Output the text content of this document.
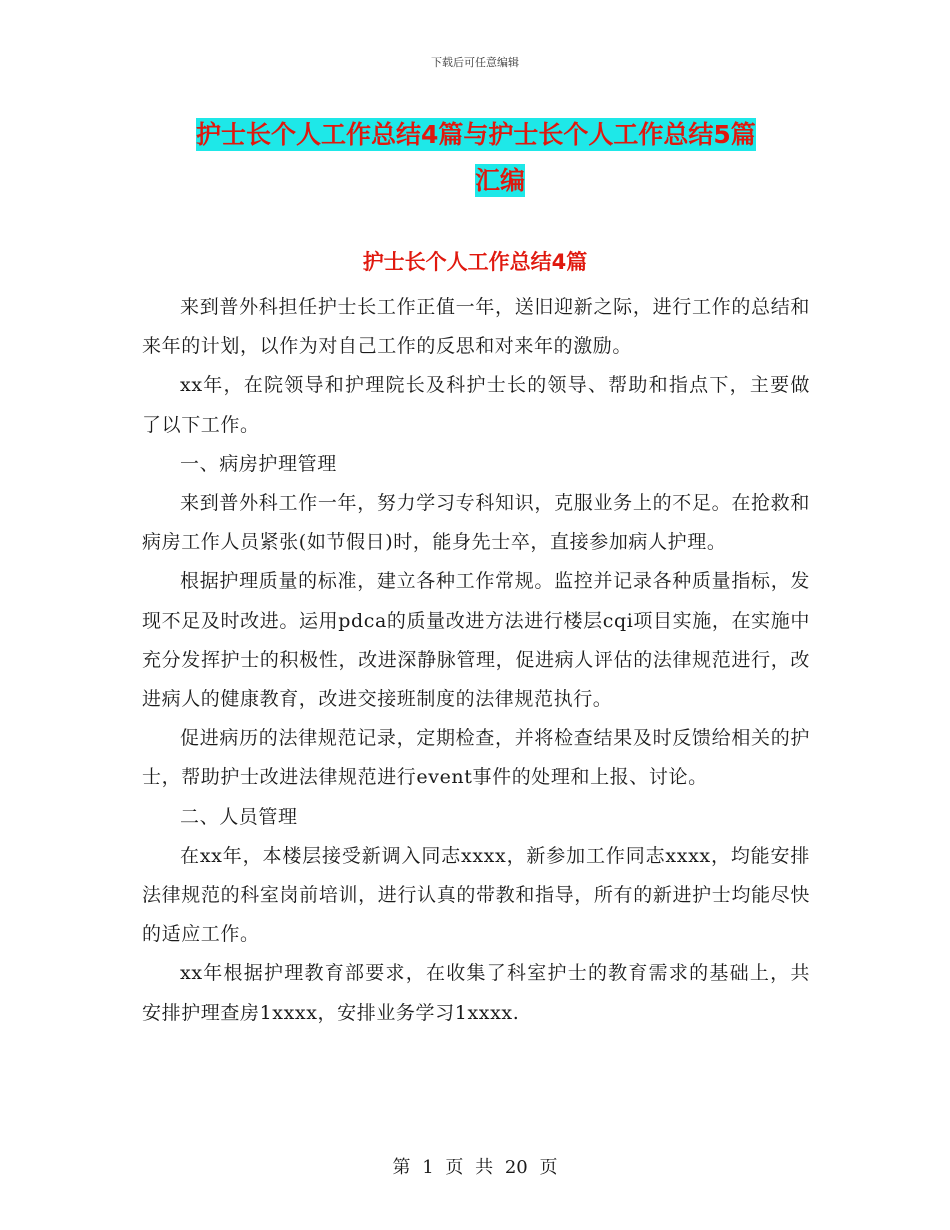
下载后可任意编辑
护士长个人工作总结4篇与护士长个人工作总结5篇
汇编
护士长个人工作总结4篇

来到普外科担任护士长工作正值一年，送旧迎新之际，进行工作的总结和来年的计划，以作为对自己工作的反思和对来年的激励。

xx年，在院领导和护理院长及科护士长的领导、帮助和指点下，主要做了以下工作。

一、病房护理管理

来到普外科工作一年，努力学习专科知识，克服业务上的不足。在抢救和病房工作人员紧张(如节假日)时，能身先士卒，直接参加病人护理。

根据护理质量的标准，建立各种工作常规。监控并记录各种质量指标，发现不足及时改进。运用pdca的质量改进方法进行楼层cqi项目实施，在实施中充分发挥护士的积极性，改进深静脉管理，促进病人评估的法律规范进行，改进病人的健康教育，改进交接班制度的法律规范执行。

促进病历的法律规范记录，定期检查，并将检查结果及时反馈给相关的护士，帮助护士改进法律规范进行event事件的处理和上报、讨论。

二、人员管理

在xx年，本楼层接受新调入同志xxxx，新参加工作同志xxxx，均能安排法律规范的科室岗前培训，进行认真的带教和指导，所有的新进护士均能尽快的适应工作。

xx年根据护理教育部要求，在收集了科室护士的教育需求的基础上，共安排护理查房1xxxx，安排业务学习1xxxx.

第 1 页 共 20 页
